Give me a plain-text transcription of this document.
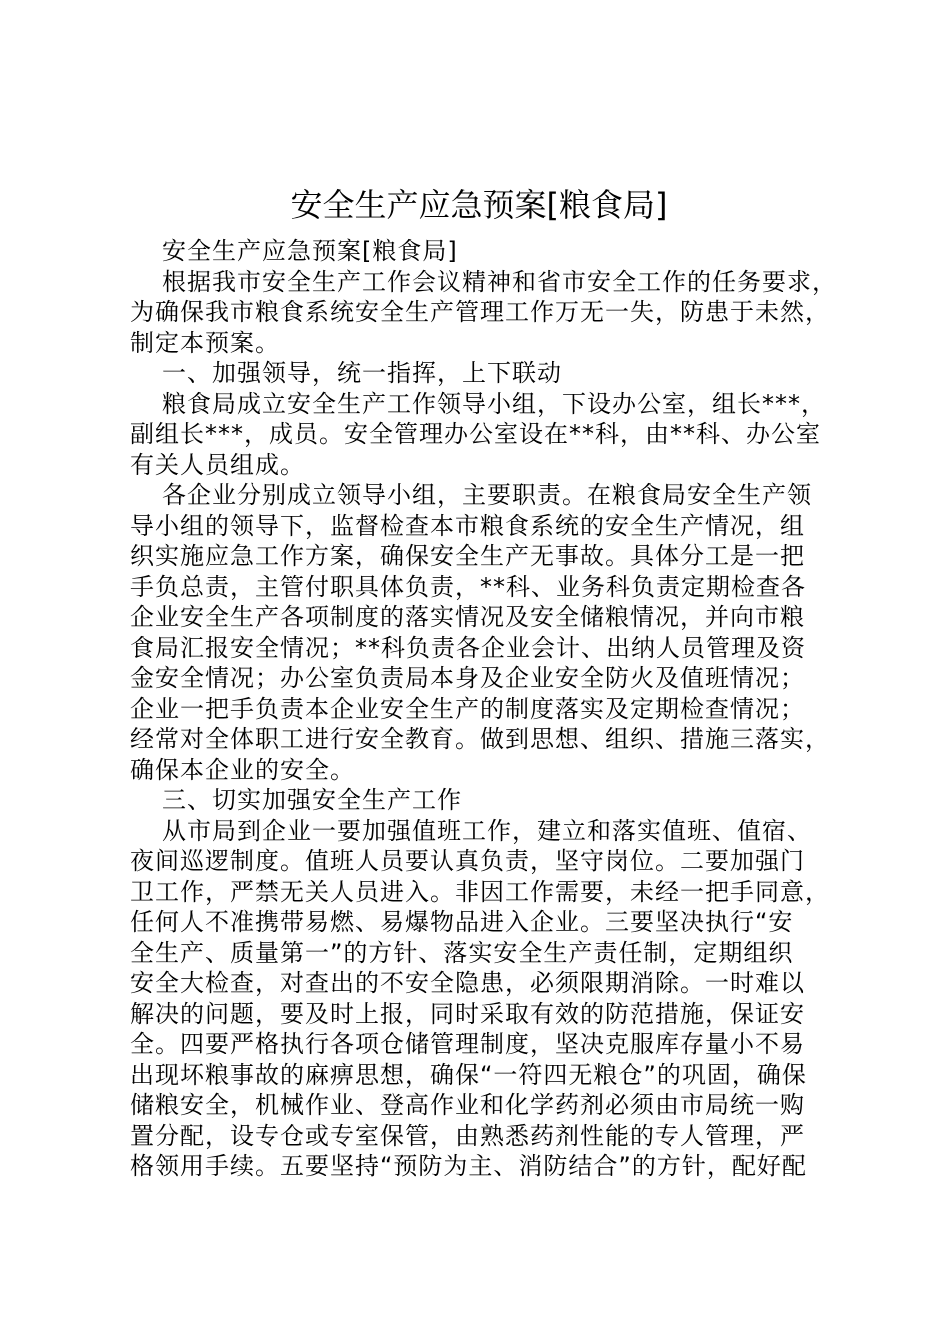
安全生产应急预案[粮食局]
安全生产应急预案[粮食局]
根据我市安全生产工作会议精神和省市安全工作的任务要求，
为确保我市粮食系统安全生产管理工作万无一失，防患于未然，
制定本预案。
一、加强领导，统一指挥，上下联动
粮食局成立安全生产工作领导小组，下设办公室，组长***，
副组长***，成员。安全管理办公室设在**科，由**科、办公室
有关人员组成。
各企业分别成立领导小组，主要职责。在粮食局安全生产领
导小组的领导下，监督检查本市粮食系统的安全生产情况，组
织实施应急工作方案，确保安全生产无事故。具体分工是一把
手负总责，主管付职具体负责，**科、业务科负责定期检查各
企业安全生产各项制度的落实情况及安全储粮情况，并向市粮
食局汇报安全情况；**科负责各企业会计、出纳人员管理及资
金安全情况；办公室负责局本身及企业安全防火及值班情况；
企业一把手负责本企业安全生产的制度落实及定期检查情况；
经常对全体职工进行安全教育。做到思想、组织、措施三落实，
确保本企业的安全。
三、切实加强安全生产工作
从市局到企业一要加强值班工作，建立和落实值班、值宿、
夜间巡逻制度。值班人员要认真负责，坚守岗位。二要加强门
卫工作，严禁无关人员进入。非因工作需要，未经一把手同意，
任何人不准携带易燃、易爆物品进入企业。三要坚决执行“安
全生产、质量第一”的方针、落实安全生产责任制，定期组织
安全大检查，对查出的不安全隐患，必须限期消除。一时难以
解决的问题，要及时上报，同时采取有效的防范措施，保证安
全。四要严格执行各项仓储管理制度，坚决克服库存量小不易
出现坏粮事故的麻痹思想，确保“一符四无粮仓”的巩固，确保
储粮安全，机械作业、登高作业和化学药剂必须由市局统一购
置分配，设专仓或专室保管，由熟悉药剂性能的专人管理，严
格领用手续。五要坚持“预防为主、消防结合”的方针，配好配
